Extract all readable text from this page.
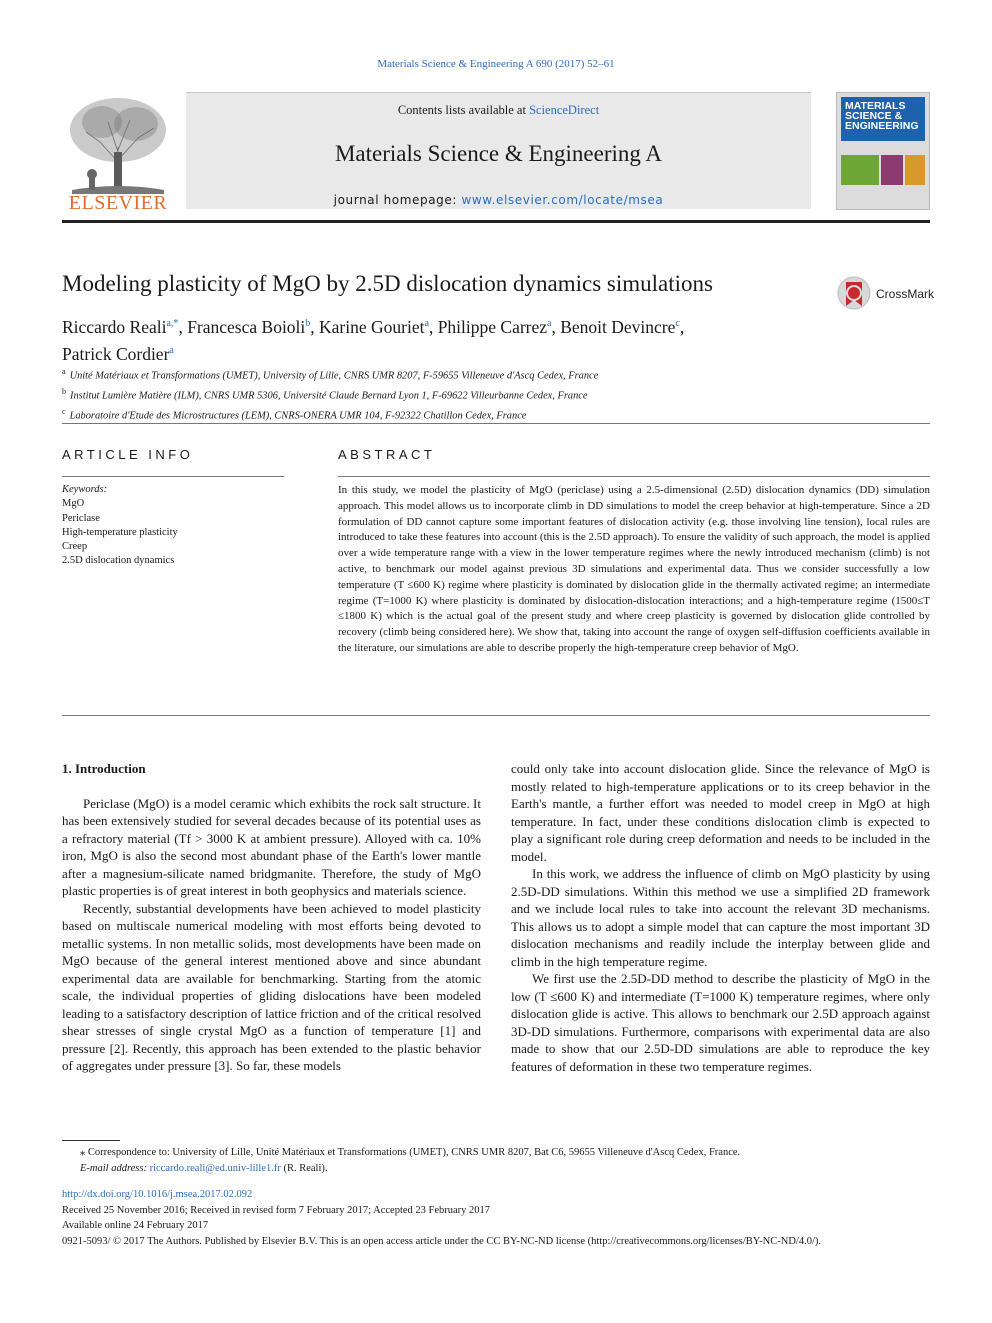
Materials Science & Engineering A 690 (2017) 52–61
ELSEVIER
Contents lists available at ScienceDirect
Materials Science & Engineering A
journal homepage: www.elsevier.com/locate/msea
MATERIALS SCIENCE & ENGINEERING
Modeling plasticity of MgO by 2.5D dislocation dynamics simulations	CrossMark
Riccardo Reali$^{a,*}$, Francesca Boioli$^b$, Karine Gouriet$^a$, Philippe Carrez$^a$, Benoit Devincre$^c$,
Patrick Cordier$^a$
$^a$ Unité Matériaux et Transformations (UMET), University of Lille, CNRS UMR 8207, F-59655 Villeneuve d'Ascq Cedex, France
$^b$ Institut Lumière Matière (ILM), CNRS UMR 5306, Université Claude Bernard Lyon 1, F-69622 Villeurbanne Cedex, France
$^c$ Laboratoire d'Etude des Microstructures (LEM), CNRS-ONERA UMR 104, F-92322 Chatillon Cedex, France
ARTICLE INFO	ABSTRACT
Keywords:
MgO
Periclase
High-temperature plasticity
Creep
2.5D dislocation dynamics
In this study, we model the plasticity of MgO (periclase) using a 2.5-dimensional (2.5D) dislocation dynamics (DD) simulation approach. This model allows us to incorporate climb in DD simulations to model the creep behavior at high-temperature. Since a 2D formulation of DD cannot capture some important features of dislocation activity (e.g. those involving line tension), local rules are introduced to take these features into account (this is the 2.5D approach). To ensure the validity of such approach, the model is applied over a wide temperature range with a view in the lower temperature regimes where the newly introduced mechanism (climb) is not active, to benchmark our model against previous 3D simulations and experimental data. Thus we consider successfully a low temperature (T ≤600 K) regime where plasticity is dominated by dislocation glide in the thermally activated regime; an intermediate regime (T=1000 K) where plasticity is dominated by dislocation-dislocation interactions; and a high-temperature regime (1500≤T ≤1800 K) which is the actual goal of the present study and where creep plasticity is governed by dislocation glide controlled by recovery (climb being considered here). We show that, taking into account the range of oxygen self-diffusion coefficients available in the literature, our simulations are able to describe properly the high-temperature creep behavior of MgO.

1. Introduction

Periclase (MgO) is a model ceramic which exhibits the rock salt structure. It has been extensively studied for several decades because of its potential uses as a refractory material (Tf > 3000 K at ambient pressure). Alloyed with ca. 10% iron, MgO is also the second most abundant phase of the Earth's lower mantle after a magnesium-silicate named bridgmanite. Therefore, the study of MgO plastic properties is of great interest in both geophysics and materials science.

Recently, substantial developments have been achieved to model plasticity based on multiscale numerical modeling with most efforts being devoted to metallic systems. In non metallic solids, most developments have been made on MgO because of the general interest mentioned above and since abundant experimental data are available for benchmarking. Starting from the atomic scale, the individual properties of gliding dislocations have been modeled leading to a satisfactory description of lattice friction and of the critical resolved shear stresses of single crystal MgO as a function of temperature [1] and pressure [2]. Recently, this approach has been extended to the plastic behavior of aggregates under pressure [3]. So far, these models

could only take into account dislocation glide. Since the relevance of MgO is mostly related to high-temperature applications or to its creep behavior in the Earth's mantle, a further effort was needed to model creep in MgO at high temperature. In fact, under these conditions dislocation climb is expected to play a significant role during creep deformation and needs to be included in the model.

In this work, we address the influence of climb on MgO plasticity by using 2.5D-DD simulations. Within this method we use a simplified 2D framework and we include local rules to take into account the relevant 3D mechanisms. This allows us to adopt a simple model that can capture the most important 3D dislocation mechanisms and readily include the interplay between glide and climb in the high temperature regime.

We first use the 2.5D-DD method to describe the plasticity of MgO in the low (T ≤600 K) and intermediate (T=1000 K) temperature regimes, where only dislocation glide is active. This allows to benchmark our 2.5D approach against 3D-DD simulations. Furthermore, comparisons with experimental data are also made to show that our 2.5D-DD simulations are able to reproduce the key features of deformation in these two temperature regimes.

⁎ Correspondence to: University of Lille, Unité Matériaux et Transformations (UMET), CNRS UMR 8207, Bat C6, 59655 Villeneuve d'Ascq Cedex, France.
E-mail address: riccardo.reali@ed.univ-lille1.fr (R. Reali).
http://dx.doi.org/10.1016/j.msea.2017.02.092
Received 25 November 2016; Received in revised form 7 February 2017; Accepted 23 February 2017
Available online 24 February 2017
0921-5093/ © 2017 The Authors. Published by Elsevier B.V. This is an open access article under the CC BY-NC-ND license (http://creativecommons.org/licenses/BY-NC-ND/4.0/).
